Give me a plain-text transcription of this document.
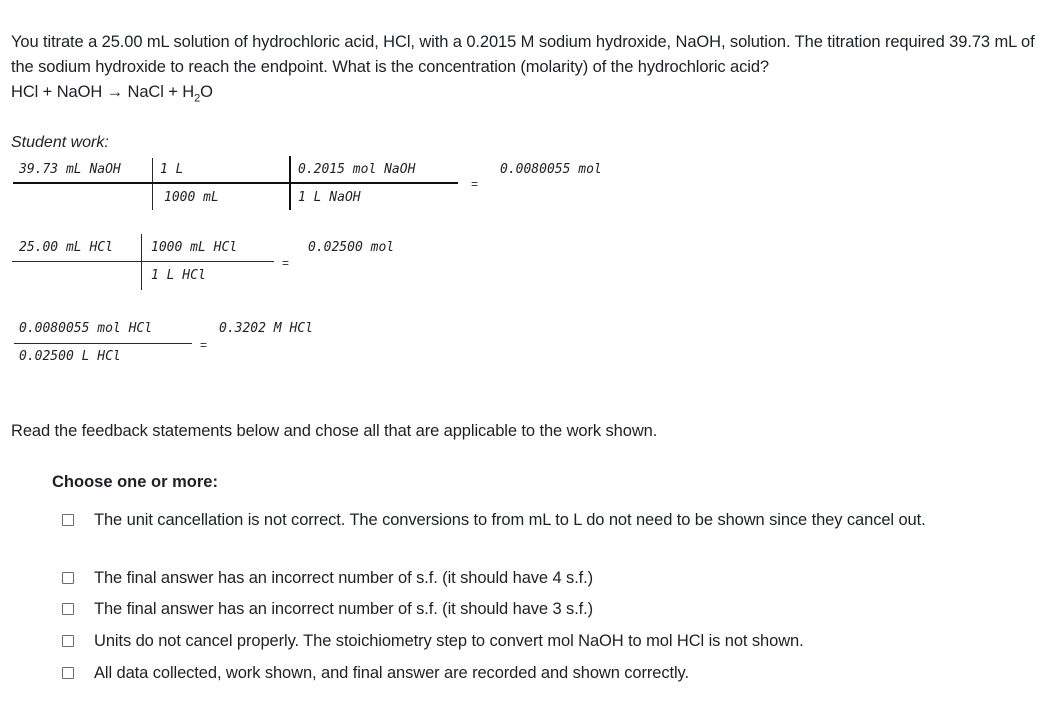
You titrate a 25.00 mL solution of hydrochloric acid, HCl, with a 0.2015 M sodium hydroxide, NaOH, solution. The titration required 39.73 mL of the sodium hydroxide to reach the endpoint. What is the concentration (molarity) of the hydrochloric acid?

HCl + NaOH → NaCl + $H_2O$

Student work:
39.73 mL NaOH	1 L
1000 mL
0.2015 mol NaOH
1 L NaOH
=
0.0080055 mol
25.00 mL HCl	1000 mL HCl
1 L HCl
=
0.02500 mol
0.0080055 mol HCl
0.02500 L HCl
=
0.3202 M HCl
Read the feedback statements below and chose all that are applicable to the work shown.
Choose one or more:
The unit cancellation is not correct. The conversions to from mL to L do not need to be shown since they cancel out.
The final answer has an incorrect number of s.f. (it should have 4 s.f.)
The final answer has an incorrect number of s.f. (it should have 3 s.f.)
Units do not cancel properly. The stoichiometry step to convert mol NaOH to mol HCl is not shown.
All data collected, work shown, and final answer are recorded and shown correctly.
